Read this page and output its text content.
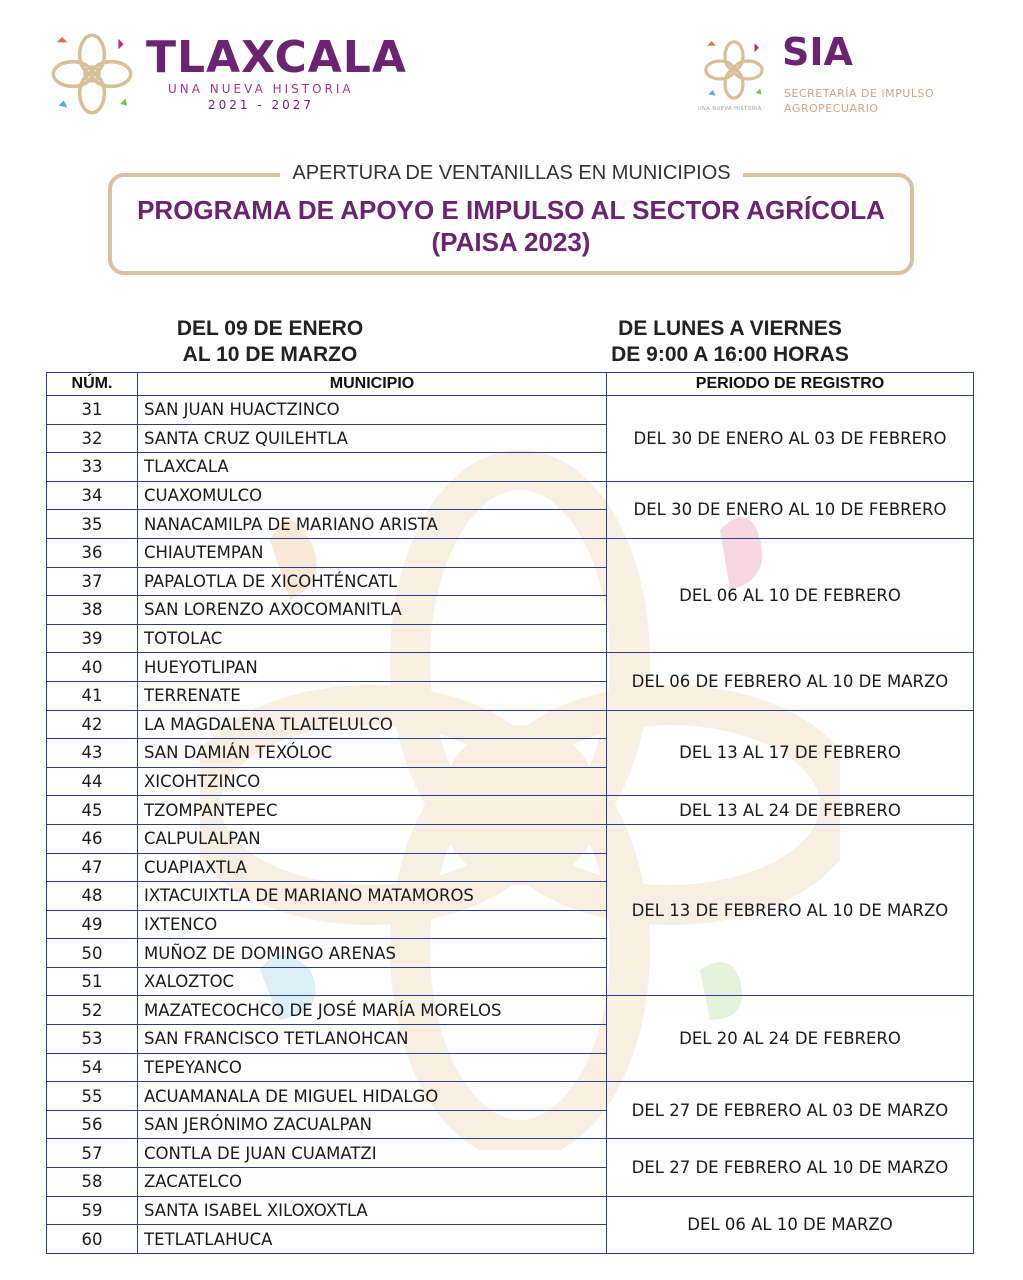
TLAXCALA
UNA NUEVA HISTORIA
2021 - 2027	UNA NUEVA HISTORIA
SIA
SECRETARÍA DE IMPULSO
AGROPECUARIO
APERTURA DE VENTANILLAS EN MUNICIPIOS
PROGRAMA DE APOYO E IMPULSO AL SECTOR AGRÍCOLA
(PAISA 2023)
DEL 09 DE ENERO
AL 10 DE MARZO
DE LUNES A VIERNES
DE 9:00 A 16:00 HORAS
NÚM.	MUNICIPIO	PERIODO DE REGISTRO
31	SAN JUAN HUACTZINCO	DEL 30 DE ENERO AL 03 DE FEBRERO
32	SANTA CRUZ QUILEHTLA	
33	TLAXCALA	
34	CUAXOMULCO	DEL 30 DE ENERO AL 10 DE FEBRERO
35	NANACAMILPA DE MARIANO ARISTA	
36	CHIAUTEMPAN	DEL 06 AL 10 DE FEBRERO
37	PAPALOTLA DE XICOHTÉNCATL	
38	SAN LORENZO AXOCOMANITLA	
39	TOTOLAC	
40	HUEYOTLIPAN	DEL 06 DE FEBRERO AL 10 DE MARZO
41	TERRENATE	
42	LA MAGDALENA TLALTELULCO	DEL 13 AL 17 DE FEBRERO
43	SAN DAMIÁN TEXÓLOC	
44	XICOHTZINCO	
45	TZOMPANTEPEC	DEL 13 AL 24 DE FEBRERO
46	CALPULALPAN	DEL 13 DE FEBRERO AL 10 DE MARZO
47	CUAPIAXTLA	
48	IXTACUIXTLA DE MARIANO MATAMOROS	
49	IXTENCO	
50	MUÑOZ DE DOMINGO ARENAS	
51	XALOZTOC	
52	MAZATECOCHCO DE JOSÉ MARÍA MORELOS	DEL 20 AL 24 DE FEBRERO
53	SAN FRANCISCO TETLANOHCAN	
54	TEPEYANCO	
55	ACUAMANALA DE MIGUEL HIDALGO	DEL 27 DE FEBRERO AL 03 DE MARZO
56	SAN JERÓNIMO ZACUALPAN	
57	CONTLA DE JUAN CUAMATZI	DEL 27 DE FEBRERO AL 10 DE MARZO
58	ZACATELCO	
59	SANTA ISABEL XILOXOXTLA	DEL 06 AL 10 DE MARZO
60	TETLATLAHUCA	
